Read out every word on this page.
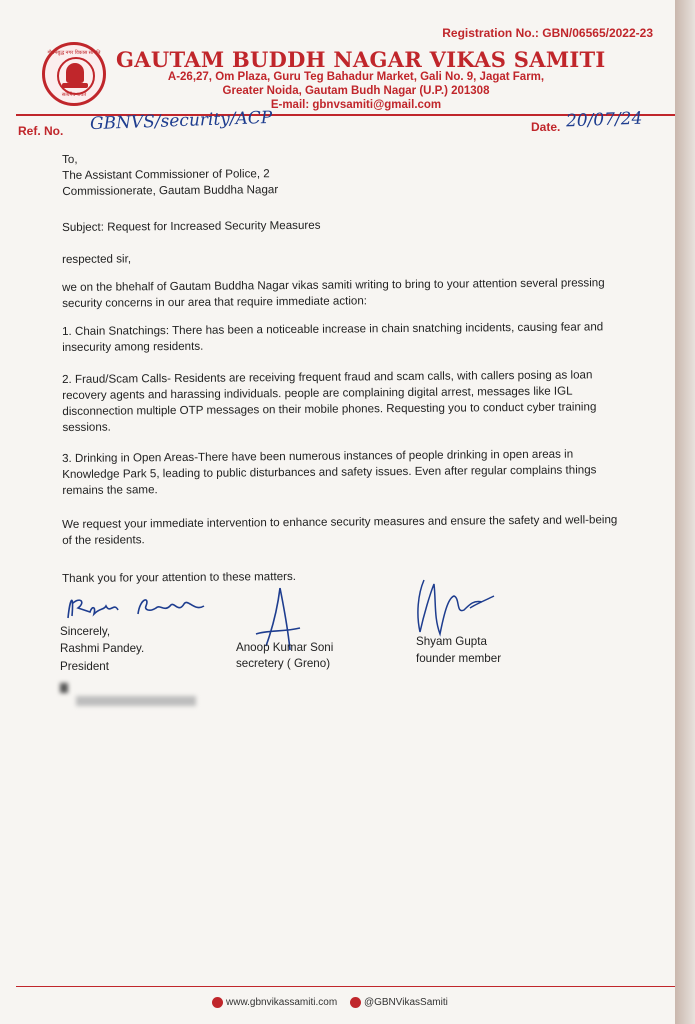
Registration No.: GBN/06565/2022-23
गौतमबुद्ध नगर विकास समिति
सत्यमेव जयते
GAUTAM BUDDH NAGAR VIKAS SAMITI
A-26,27, Om Plaza, Guru Teg Bahadur Market, Gali No. 9, Jagat Farm,
Greater Noida, Gautam Budh Nagar (U.P.) 201308
E-mail: gbnvsamiti@gmail.com
Ref. No. GBNVS/security/ACP	Date. 20/07/24

To,

The Assistant Commissioner of Police, 2

Commissionerate, Gautam Buddha Nagar

Subject: Request for Increased Security Measures
respected sir,
we on the bhehalf of Gautam Buddha Nagar vikas samiti writing to bring to your attention several pressing security concerns in our area that require immediate action:
1. Chain Snatchings: There has been a noticeable increase in chain snatching incidents, causing fear and insecurity among residents.
2. Fraud/Scam Calls- Residents are receiving frequent fraud and scam calls, with callers posing as loan recovery agents and harassing individuals. people are complaining digital arrest, messages like IGL disconnection multiple OTP messages on their mobile phones. Requesting you to conduct cyber training sessions.
3. Drinking in Open Areas-There have been numerous instances of people drinking in open areas in Knowledge Park 5, leading to public disturbances and safety issues. Even after regular complains things remains the same.
We request your immediate intervention to enhance security measures and ensure the safety and well-being of the residents.
Thank you for your attention to these matters.
Sincerely,
Rashmi Pandey.
President
Anoop Kumar Soni
secretery ( Greno)
Shyam Gupta
founder member
www.gbnvikassamiti.com	@GBNVikasSamiti
